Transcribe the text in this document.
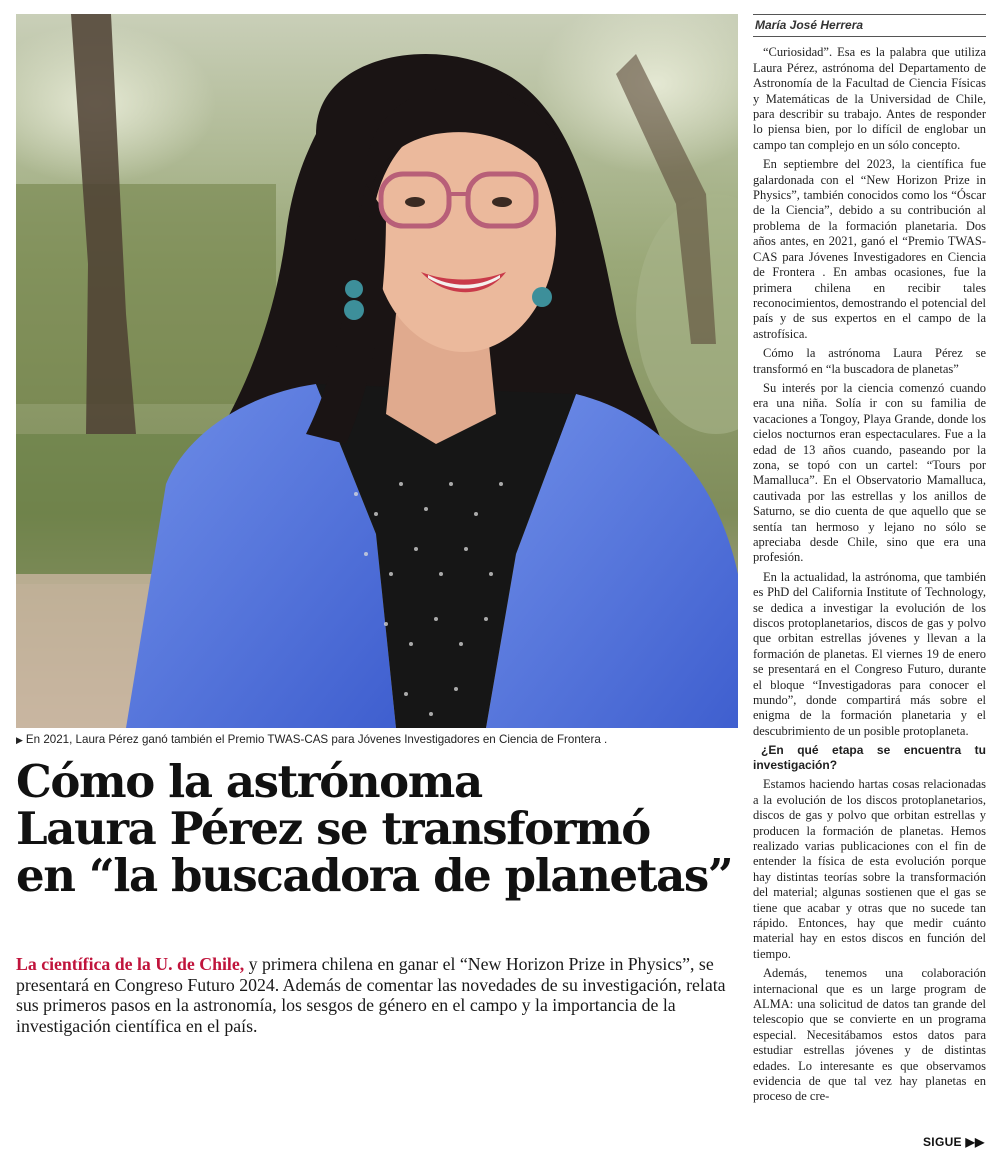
▶ En 2021, Laura Pérez ganó también el Premio TWAS-CAS para Jóvenes Investigadores en Ciencia de Frontera .
Cómo la astrónoma
Laura Pérez se transformó
en “la buscadora de planetas”

La científica de la U. de Chile, y primera chilena en ganar el “New Horizon Prize in Physics”, se presentará en Congreso Futuro 2024. Además de comentar las novedades de su investigación, relata sus primeros pasos en la astronomía, los sesgos de género en el campo y la importancia de la investigación científica en el país.

María José Herrera

“Curiosidad”. Esa es la palabra que utiliza Laura Pérez, astrónoma del Departamento de Astronomía de la Facultad de Ciencia Físicas y Matemáticas de la Universidad de Chile, para describir su trabajo. Antes de responder lo piensa bien, por lo difícil de englobar un campo tan complejo en un sólo concepto.

En septiembre del 2023, la científica fue galardonada con el “New Horizon Prize in Physics”, también conocidos como los “Óscar de la Ciencia”, debido a su contribución al problema de la formación planetaria. Dos años antes, en 2021, ganó el “Premio TWAS-CAS para Jóvenes Investigadores en Ciencia de Frontera . En ambas ocasiones, fue la primera chilena en recibir tales reconocimientos, demostrando el potencial del país y de sus expertos en el campo de la astrofísica.

Cómo la astrónoma Laura Pérez se transformó en “la buscadora de planetas”

Su interés por la ciencia comenzó cuando era una niña. Solía ir con su familia de vacaciones a Tongoy, Playa Grande, donde los cielos nocturnos eran espectaculares. Fue a la edad de 13 años cuando, paseando por la zona, se topó con un cartel: “Tours por Mamalluca”. En el Observatorio Mamalluca, cautivada por las estrellas y los anillos de Saturno, se dio cuenta de que aquello que se sentía tan hermoso y lejano no sólo se apreciaba desde Chile, sino que era una profesión.

En la actualidad, la astrónoma, que también es PhD del California Institute of Technology, se dedica a investigar la evolución de los discos protoplanetarios, discos de gas y polvo que orbitan estrellas jóvenes y llevan a la formación de planetas. El viernes 19 de enero se presentará en el Congreso Futuro, durante el bloque “Investigadoras para conocer el mundo”, donde compartirá más sobre el enigma de la formación planetaria y el descubrimiento de un posible protoplaneta.

¿En qué etapa se encuentra tu investigación?

Estamos haciendo hartas cosas relacionadas a la evolución de los discos protoplanetarios, discos de gas y polvo que orbitan estrellas y producen la formación de planetas. Hemos realizado varias publicaciones con el fin de entender la física de esta evolución porque hay distintas teorías sobre la transformación del material; algunas sostienen que el gas se tiene que acabar y otras que no sucede tan rápido. Entonces, hay que medir cuánto material hay en estos discos en función del tiempo.

Además, tenemos una colaboración internacional que es un large program de ALMA: una solicitud de datos tan grande del telescopio que se convierte en un programa especial. Necesitábamos estos datos para estudiar estrellas jóvenes y de distintas edades. Lo interesante es que observamos evidencia de que tal vez hay planetas en proceso de cre-

SIGUE ▶▶
